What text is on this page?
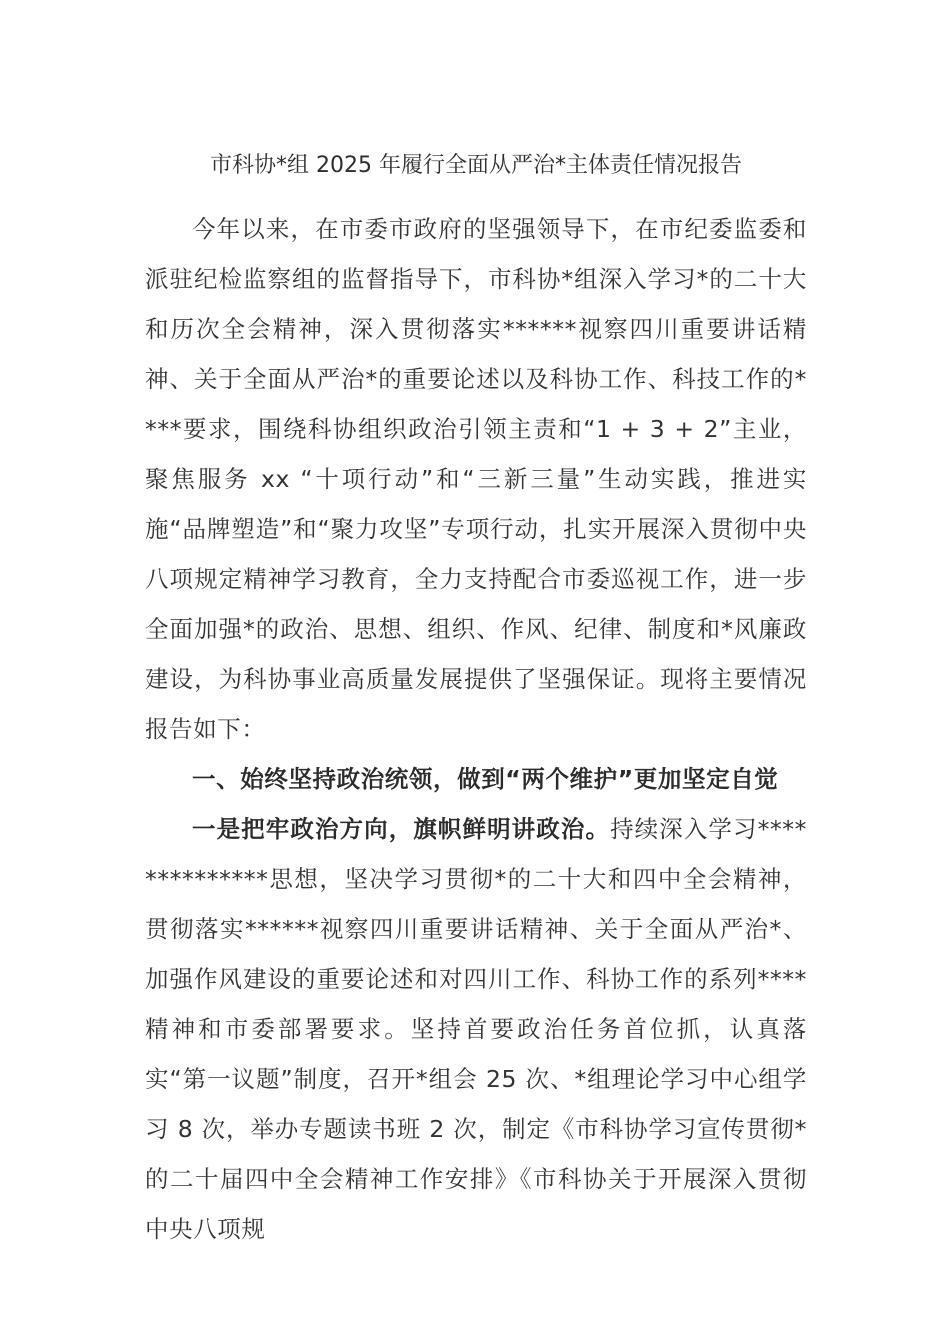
市科协*组 2025 年履行全面从严治*主体责任情况报告

今年以来，在市委市政府的坚强领导下，在市纪委监委和派驻纪检监察组的监督指导下，市科协*组深入学习*的二十大和历次全会精神，深入贯彻落实******视察四川重要讲话精神、关于全面从严治*的重要论述以及科协工作、科技工作的****要求，围绕科协组织政治引领主责和“1 + 3 + 2”主业，聚焦服务 xx “十项行动”和“三新三量”生动实践，推进实施“品牌塑造”和“聚力攻坚”专项行动，扎实开展深入贯彻中央八项规定精神学习教育，全力支持配合市委巡视工作，进一步全面加强*的政治、思想、组织、作风、纪律、制度和*风廉政建设，为科协事业高质量发展提供了坚强保证。现将主要情况报告如下：

一、始终坚持政治统领，做到“两个维护”更加坚定自觉

一是把牢政治方向，旗帜鲜明讲政治。持续深入学习**************思想，坚决学习贯彻*的二十大和四中全会精神，贯彻落实******视察四川重要讲话精神、关于全面从严治*、加强作风建设的重要论述和对四川工作、科协工作的系列****精神和市委部署要求。坚持首要政治任务首位抓，认真落实“第一议题”制度，召开*组会 25 次、*组理论学习中心组学习 8 次，举办专题读书班 2 次，制定《市科协学习宣传贯彻*的二十届四中全会精神工作安排》《市科协关于开展深入贯彻中央八项规
